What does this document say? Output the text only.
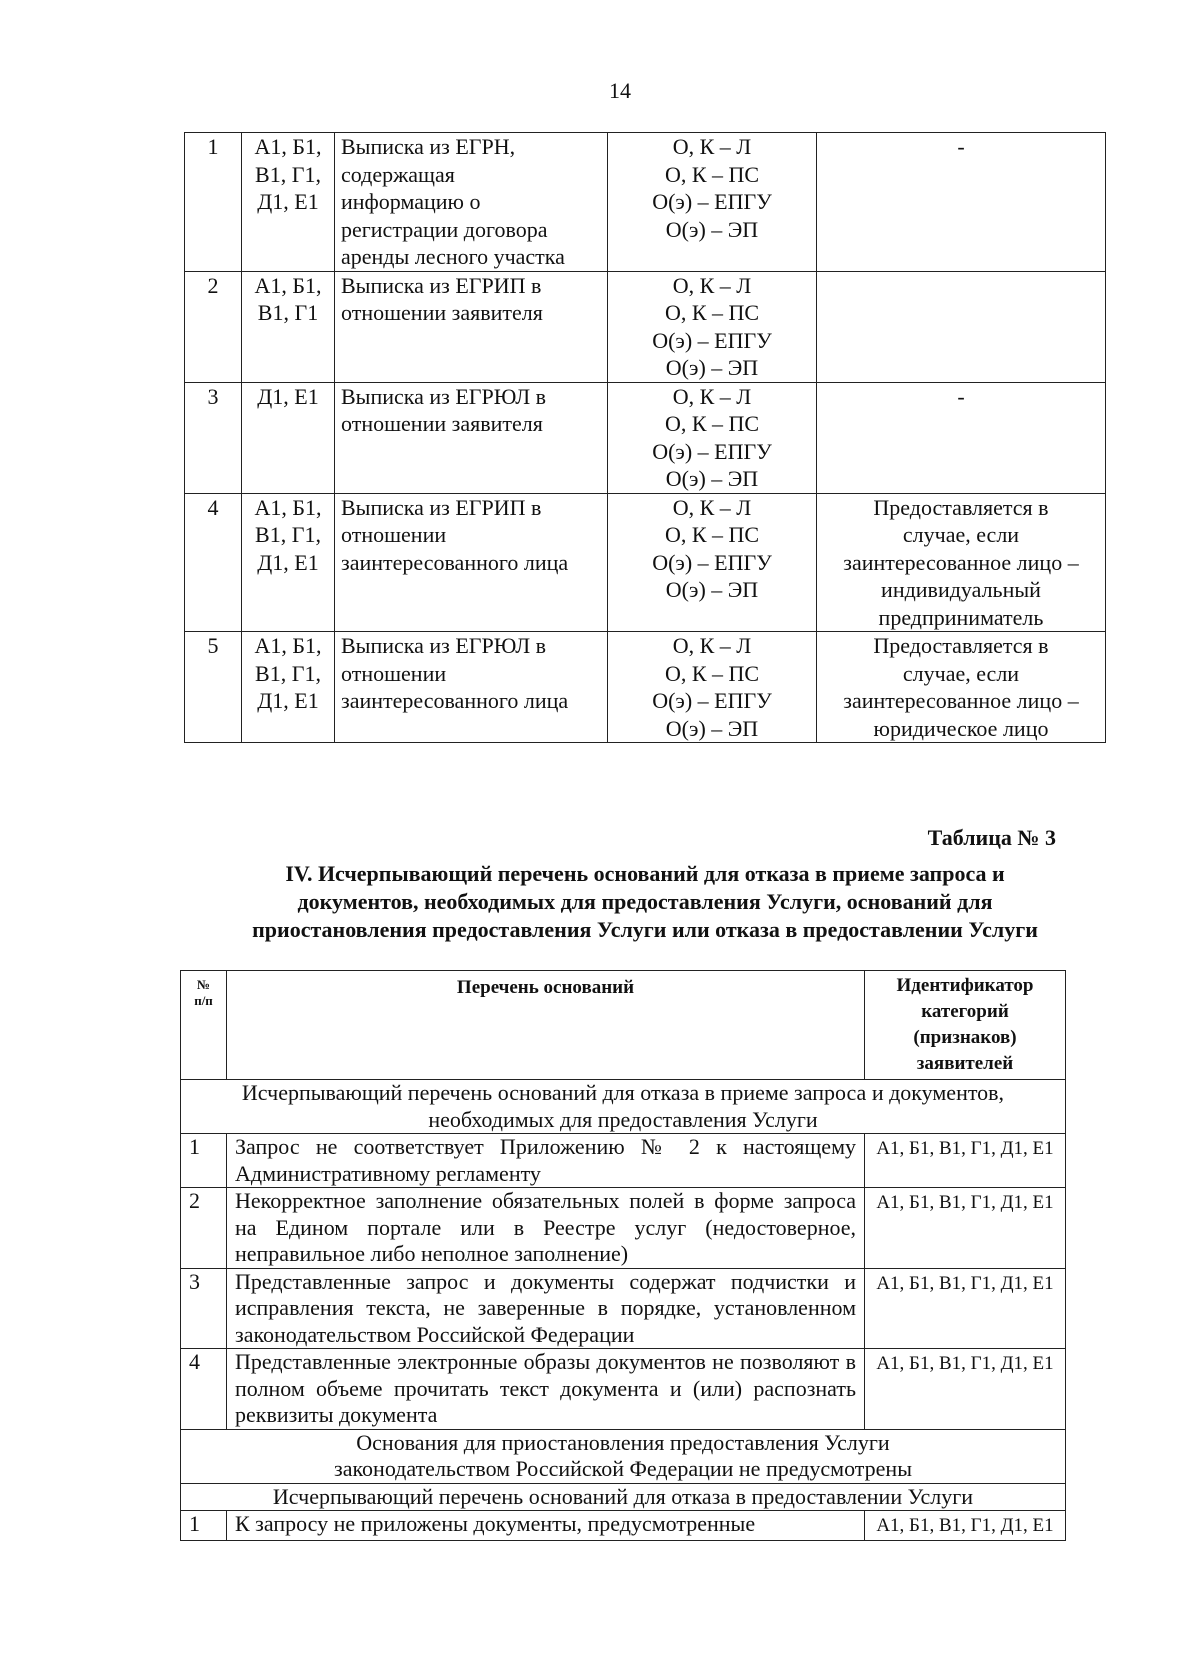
14
1	А1, Б1,
В1, Г1,
Д1, Е1	Выписка из ЕГРН,
содержащая
информацию о
регистрации договора
аренды лесного участка	О, К – Л
О, К – ПС
О(э) – ЕПГУ
О(э) – ЭП	-

2	А1, Б1,
В1, Г1	Выписка из ЕГРИП в
отношении заявителя	О, К – Л
О, К – ПС
О(э) – ЕПГУ
О(э) – ЭП	

3	Д1, Е1	Выписка из ЕГРЮЛ в
отношении заявителя	О, К – Л
О, К – ПС
О(э) – ЕПГУ
О(э) – ЭП	-

4	А1, Б1,
В1, Г1,
Д1, Е1	Выписка из ЕГРИП в
отношении
заинтересованного лица	О, К – Л
О, К – ПС
О(э) – ЕПГУ
О(э) – ЭП	Предоставляется в
случае, если
заинтересованное лицо –
индивидуальный
предприниматель

5	А1, Б1,
В1, Г1,
Д1, Е1	Выписка из ЕГРЮЛ в
отношении
заинтересованного лица	О, К – Л
О, К – ПС
О(э) – ЕПГУ
О(э) – ЭП	Предоставляется в
случае, если
заинтересованное лицо –
юридическое лицо
Таблица № 3
IV. Исчерпывающий перечень оснований для отказа в приеме запроса и
документов, необходимых для предоставления Услуги, оснований для
приостановления предоставления Услуги или отказа в предоставлении Услуги
№
п/п	Перечень оснований	Идентификатор
категорий
(признаков)
заявителей

Исчерпывающий перечень оснований для отказа в приеме запроса и документов,
необходимых для предоставления Услуги		

1	Запрос не соответствует Приложению № 2 к настоящему Административному регламенту	А1, Б1, В1, Г1, Д1, Е1
2	Некорректное заполнение обязательных полей в форме запроса на Едином портале или в Реестре услуг (недостоверное, неправильное либо неполное заполнение)	А1, Б1, В1, Г1, Д1, Е1
3	Представленные запрос и документы содержат подчистки и исправления текста, не заверенные в порядке, установленном законодательством Российской Федерации	А1, Б1, В1, Г1, Д1, Е1
4	Представленные электронные образы документов не позволяют в полном объеме прочитать текст документа и (или) распознать реквизиты документа	А1, Б1, В1, Г1, Д1, Е1

Основания для приостановления предоставления Услуги
законодательством Российской Федерации не предусмотрены		

Исчерпывающий перечень оснований для отказа в предоставлении Услуги		

1	К запросу не приложены документы, предусмотренные	А1, Б1, В1, Г1, Д1, Е1
